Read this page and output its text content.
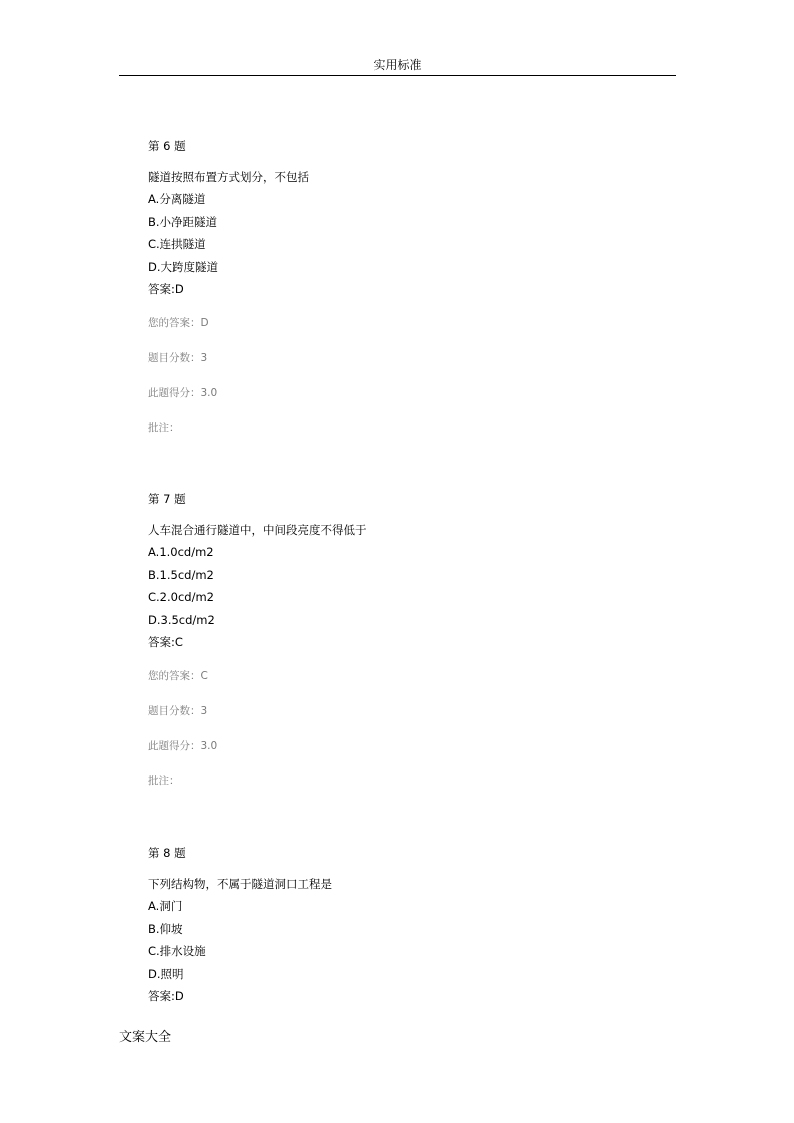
实用标准
第 6 题
隧道按照布置方式划分，不包括
A.分离隧道
B.小净距隧道
C.连拱隧道
D.大跨度隧道
答案:D
您的答案：D
题目分数：3
此题得分：3.0
批注：
第 7 题
人车混合通行隧道中，中间段亮度不得低于
A.1.0cd/m2
B.1.5cd/m2
C.2.0cd/m2
D.3.5cd/m2
答案:C
您的答案：C
题目分数：3
此题得分：3.0
批注：
第 8 题
下列结构物，不属于隧道洞口工程是
A.洞门
B.仰坡
C.排水设施
D.照明
答案:D
文案大全
